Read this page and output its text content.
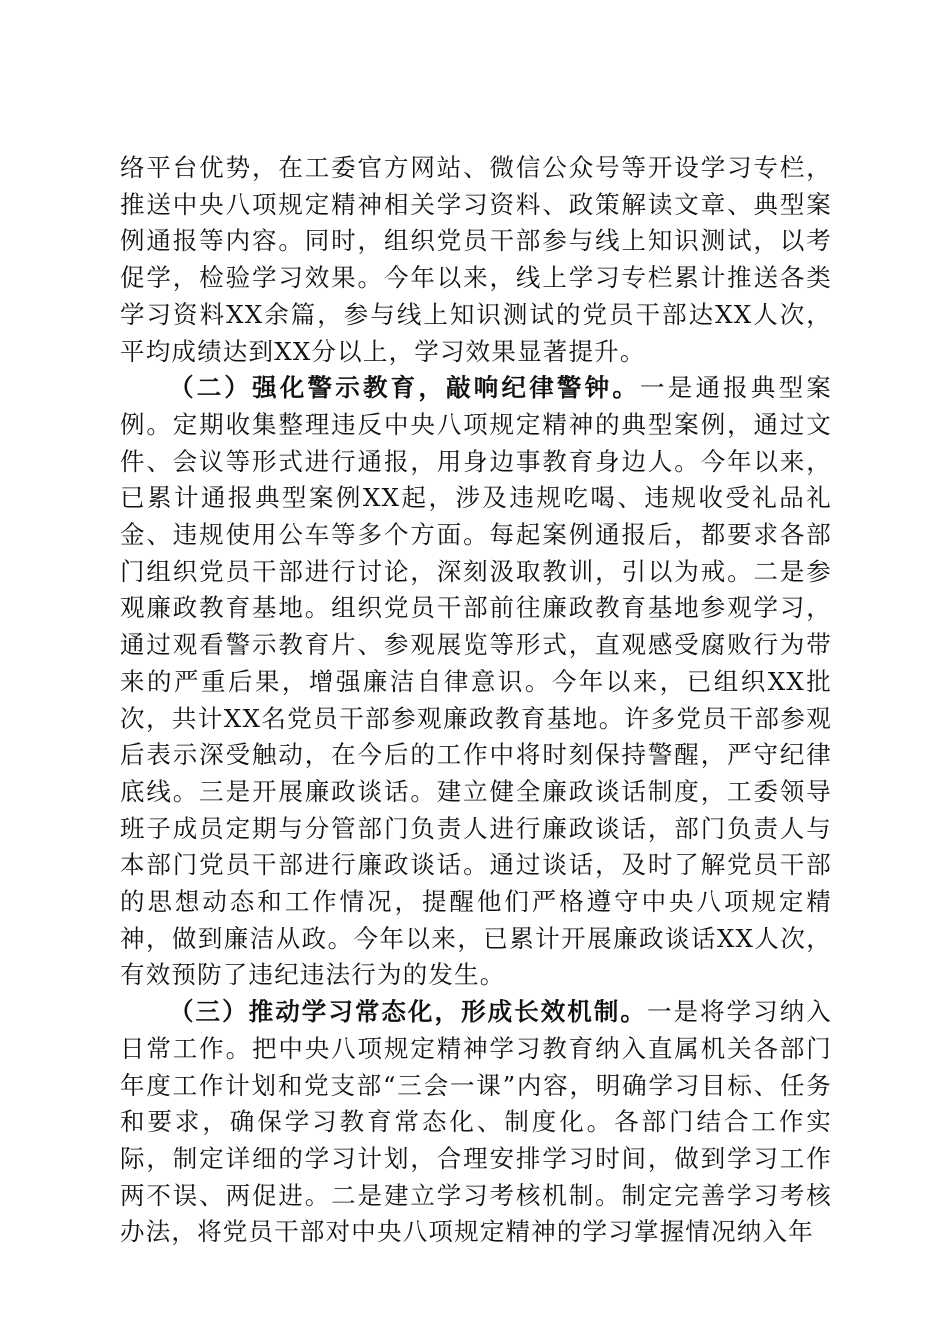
络平台优势，在工委官方网站、微信公众号等开设学习专栏，推送中央八项规定精神相关学习资料、政策解读文章、典型案例通报等内容。同时，组织党员干部参与线上知识测试，以考促学，检验学习效果。今年以来，线上学习专栏累计推送各类学习资料XX余篇，参与线上知识测试的党员干部达XX人次，平均成绩达到XX分以上，学习效果显著提升。

（二）强化警示教育，敲响纪律警钟。一是通报典型案例。定期收集整理违反中央八项规定精神的典型案例，通过文件、会议等形式进行通报，用身边事教育身边人。今年以来，已累计通报典型案例XX起，涉及违规吃喝、违规收受礼品礼金、违规使用公车等多个方面。每起案例通报后，都要求各部门组织党员干部进行讨论，深刻汲取教训，引以为戒。二是参观廉政教育基地。组织党员干部前往廉政教育基地参观学习，通过观看警示教育片、参观展览等形式，直观感受腐败行为带来的严重后果，增强廉洁自律意识。今年以来，已组织XX批次，共计XX名党员干部参观廉政教育基地。许多党员干部参观后表示深受触动，在今后的工作中将时刻保持警醒，严守纪律底线。三是开展廉政谈话。建立健全廉政谈话制度，工委领导班子成员定期与分管部门负责人进行廉政谈话，部门负责人与本部门党员干部进行廉政谈话。通过谈话，及时了解党员干部的思想动态和工作情况，提醒他们严格遵守中央八项规定精神，做到廉洁从政。今年以来，已累计开展廉政谈话XX人次，有效预防了违纪违法行为的发生。

（三）推动学习常态化，形成长效机制。一是将学习纳入日常工作。把中央八项规定精神学习教育纳入直属机关各部门年度工作计划和党支部“三会一课”内容，明确学习目标、任务和要求，确保学习教育常态化、制度化。各部门结合工作实际，制定详细的学习计划，合理安排学习时间，做到学习工作两不误、两促进。二是建立学习考核机制。制定完善学习考核办法，将党员干部对中央八项规定精神的学习掌握情况纳入年
